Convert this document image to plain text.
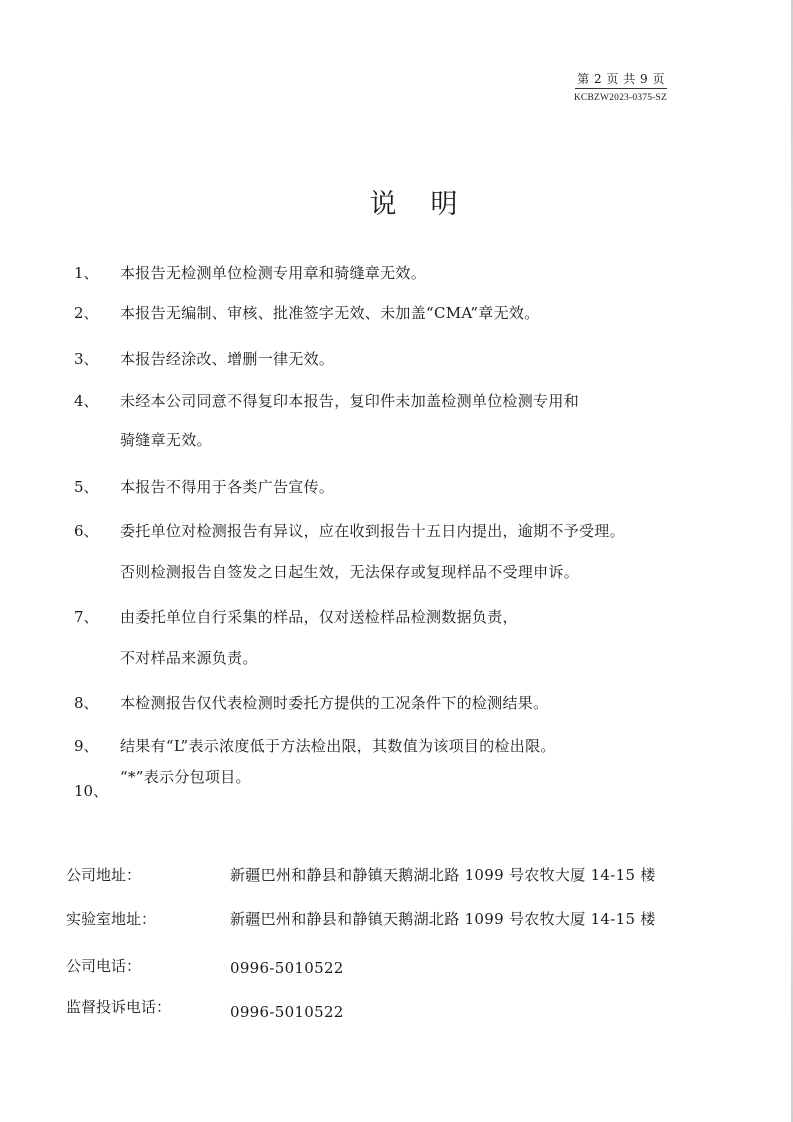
第 2 页 共 9 页
KCBZW2023-0375-SZ
说明
1、 本报告无检测单位检测专用章和骑缝章无效。
2、 本报告无编制、审核、批准签字无效、未加盖“CMA”章无效。
3、 本报告经涂改、增删一律无效。
4、 未经本公司同意不得复印本报告，复印件未加盖检测单位检测专用和
骑缝章无效。
5、 本报告不得用于各类广告宣传。
6、 委托单位对检测报告有异议，应在收到报告十五日内提出，逾期不予受理。
否则检测报告自签发之日起生效，无法保存或复现样品不受理申诉。
7、 由委托单位自行采集的样品，仅对送检样品检测数据负责，
不对样品来源负责。
8、 本检测报告仅代表检测时委托方提供的工况条件下的检测结果。
9、 结果有“L”表示浓度低于方法检出限，其数值为该项目的检出限。
10、
“*”表示分包项目。
公司地址：	新疆巴州和静县和静镇天鹅湖北路 1099 号农牧大厦 14-15 楼
实验室地址：	新疆巴州和静县和静镇天鹅湖北路 1099 号农牧大厦 14-15 楼
公司电话：	0996-5010522
监督投诉电话：	0996-5010522
